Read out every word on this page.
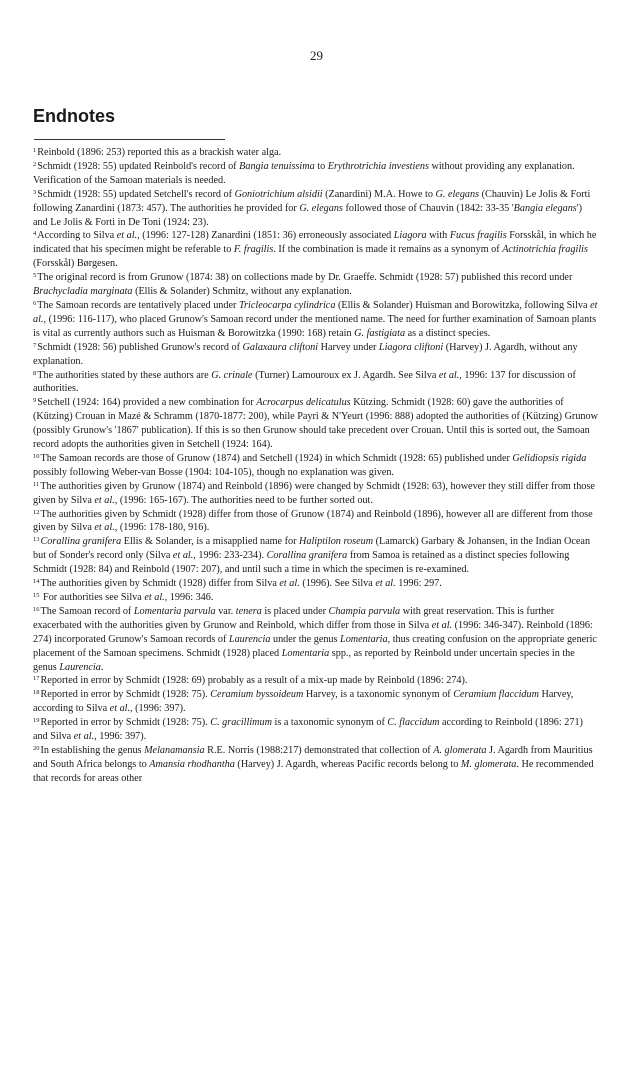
29
Endnotes

$^1$Reinbold (1896: 253) reported this as a brackish water alga.

$^2$Schmidt (1928: 55) updated Reinbold's record of Bangia tenuissima to Erythrotrichia investiens without providing any explanation. Verification of the Samoan materials is needed.

$^3$Schmidt (1928: 55) updated Setchell's record of Goniotrichium alsidii (Zanardini) M.A. Howe to G. elegans (Chauvin) Le Jolis & Forti following Zanardini (1873: 457). The authorities he provided for G. elegans followed those of Chauvin (1842: 33-35 'Bangia elegans') and Le Jolis & Forti in De Toni (1924: 23).

$^4$According to Silva et al., (1996: 127-128) Zanardini (1851: 36) erroneously associated Liagora with Fucus fragilis Forsskål, in which he indicated that his specimen might be referable to F. fragilis. If the combination is made it remains as a synonym of Actinotrichia fragilis (Forsskål) Børgesen.

$^5$The original record is from Grunow (1874: 38) on collections made by Dr. Graeffe. Schmidt (1928: 57) published this record under Brachycladia marginata (Ellis & Solander) Schmitz, without any explanation.

$^6$The Samoan records are tentatively placed under Tricleocarpa cylindrica (Ellis & Solander) Huisman and Borowitzka, following Silva et al., (1996: 116-117), who placed Grunow's Samoan record under the mentioned name. The need for further examination of Samoan plants is vital as currently authors such as Huisman & Borowitzka (1990: 168) retain G. fastigiata as a distinct species.

$^7$Schmidt (1928: 56) published Grunow's record of Galaxaura cliftoni Harvey under Liagora cliftoni (Harvey) J. Agardh, without any explanation.

$^8$The authorities stated by these authors are G. crinale (Turner) Lamouroux ex J. Agardh. See Silva et al., 1996: 137 for discussion of authorities.

$^9$Setchell (1924: 164) provided a new combination for Acrocarpus delicatulus Kützing. Schmidt (1928: 60) gave the authorities of (Kützing) Crouan in Mazé & Schramm (1870-1877: 200), while Payri & N'Yeurt (1996: 888) adopted the authorities of (Kützing) Grunow (possibly Grunow's '1867' publication). If this is so then Grunow should take precedent over Crouan. Until this is sorted out, the Samoan record adopts the authorities given in Setchell (1924: 164).

$^{10}$The Samoan records are those of Grunow (1874) and Setchell (1924) in which Schmidt (1928: 65) published under Gelidiopsis rigida possibly following Weber-van Bosse (1904: 104-105), though no explanation was given.

$^{11}$The authorities given by Grunow (1874) and Reinbold (1896) were changed by Schmidt (1928: 63), however they still differ from those given by Silva et al., (1996: 165-167). The authorities need to be further sorted out.

$^{12}$The authorities given by Schmidt (1928) differ from those of Grunow (1874) and Reinbold (1896), however all are different from those given by Silva et al., (1996: 178-180, 916).

$^{13}$Corallina granifera Ellis & Solander, is a misapplied name for Haliptilon roseum (Lamarck) Garbary & Johansen, in the Indian Ocean but of Sonder's record only (Silva et al., 1996: 233-234). Corallina granifera from Samoa is retained as a distinct species following Schmidt (1928: 84) and Reinbold (1907: 207), and until such a time in which the specimen is re-examined.

$^{14}$The authorities given by Schmidt (1928) differ from Silva et al. (1996). See Silva et al. 1996: 297.

$^{15}$ For authorities see Silva et al., 1996: 346.

$^{16}$The Samoan record of Lomentaria parvula var. tenera is placed under Champia parvula with great reservation. This is further exacerbated with the authorities given by Grunow and Reinbold, which differ from those in Silva et al. (1996: 346-347). Reinbold (1896: 274) incorporated Grunow's Samoan records of Laurencia under the genus Lomentaria, thus creating confusion on the appropriate generic placement of the Samoan specimens. Schmidt (1928) placed Lomentaria spp., as reported by Reinbold under uncertain species in the genus Laurencia.

$^{17}$Reported in error by Schmidt (1928: 69) probably as a result of a mix-up made by Reinbold (1896: 274).

$^{18}$Reported in error by Schmidt (1928: 75). Ceramium byssoideum Harvey, is a taxonomic synonym of Ceramium flaccidum Harvey, according to Silva et al., (1996: 397).

$^{19}$Reported in error by Schmidt (1928: 75). C. gracillimum is a taxonomic synonym of C. flaccidum according to Reinbold (1896: 271) and Silva et al., 1996: 397).

$^{20}$In establishing the genus Melanamansia R.E. Norris (1988:217) demonstrated that collection of A. glomerata J. Agardh from Mauritius and South Africa belongs to Amansia rhodhantha (Harvey) J. Agardh, whereas Pacific records belong to M. glomerata. He recommended that records for areas other
